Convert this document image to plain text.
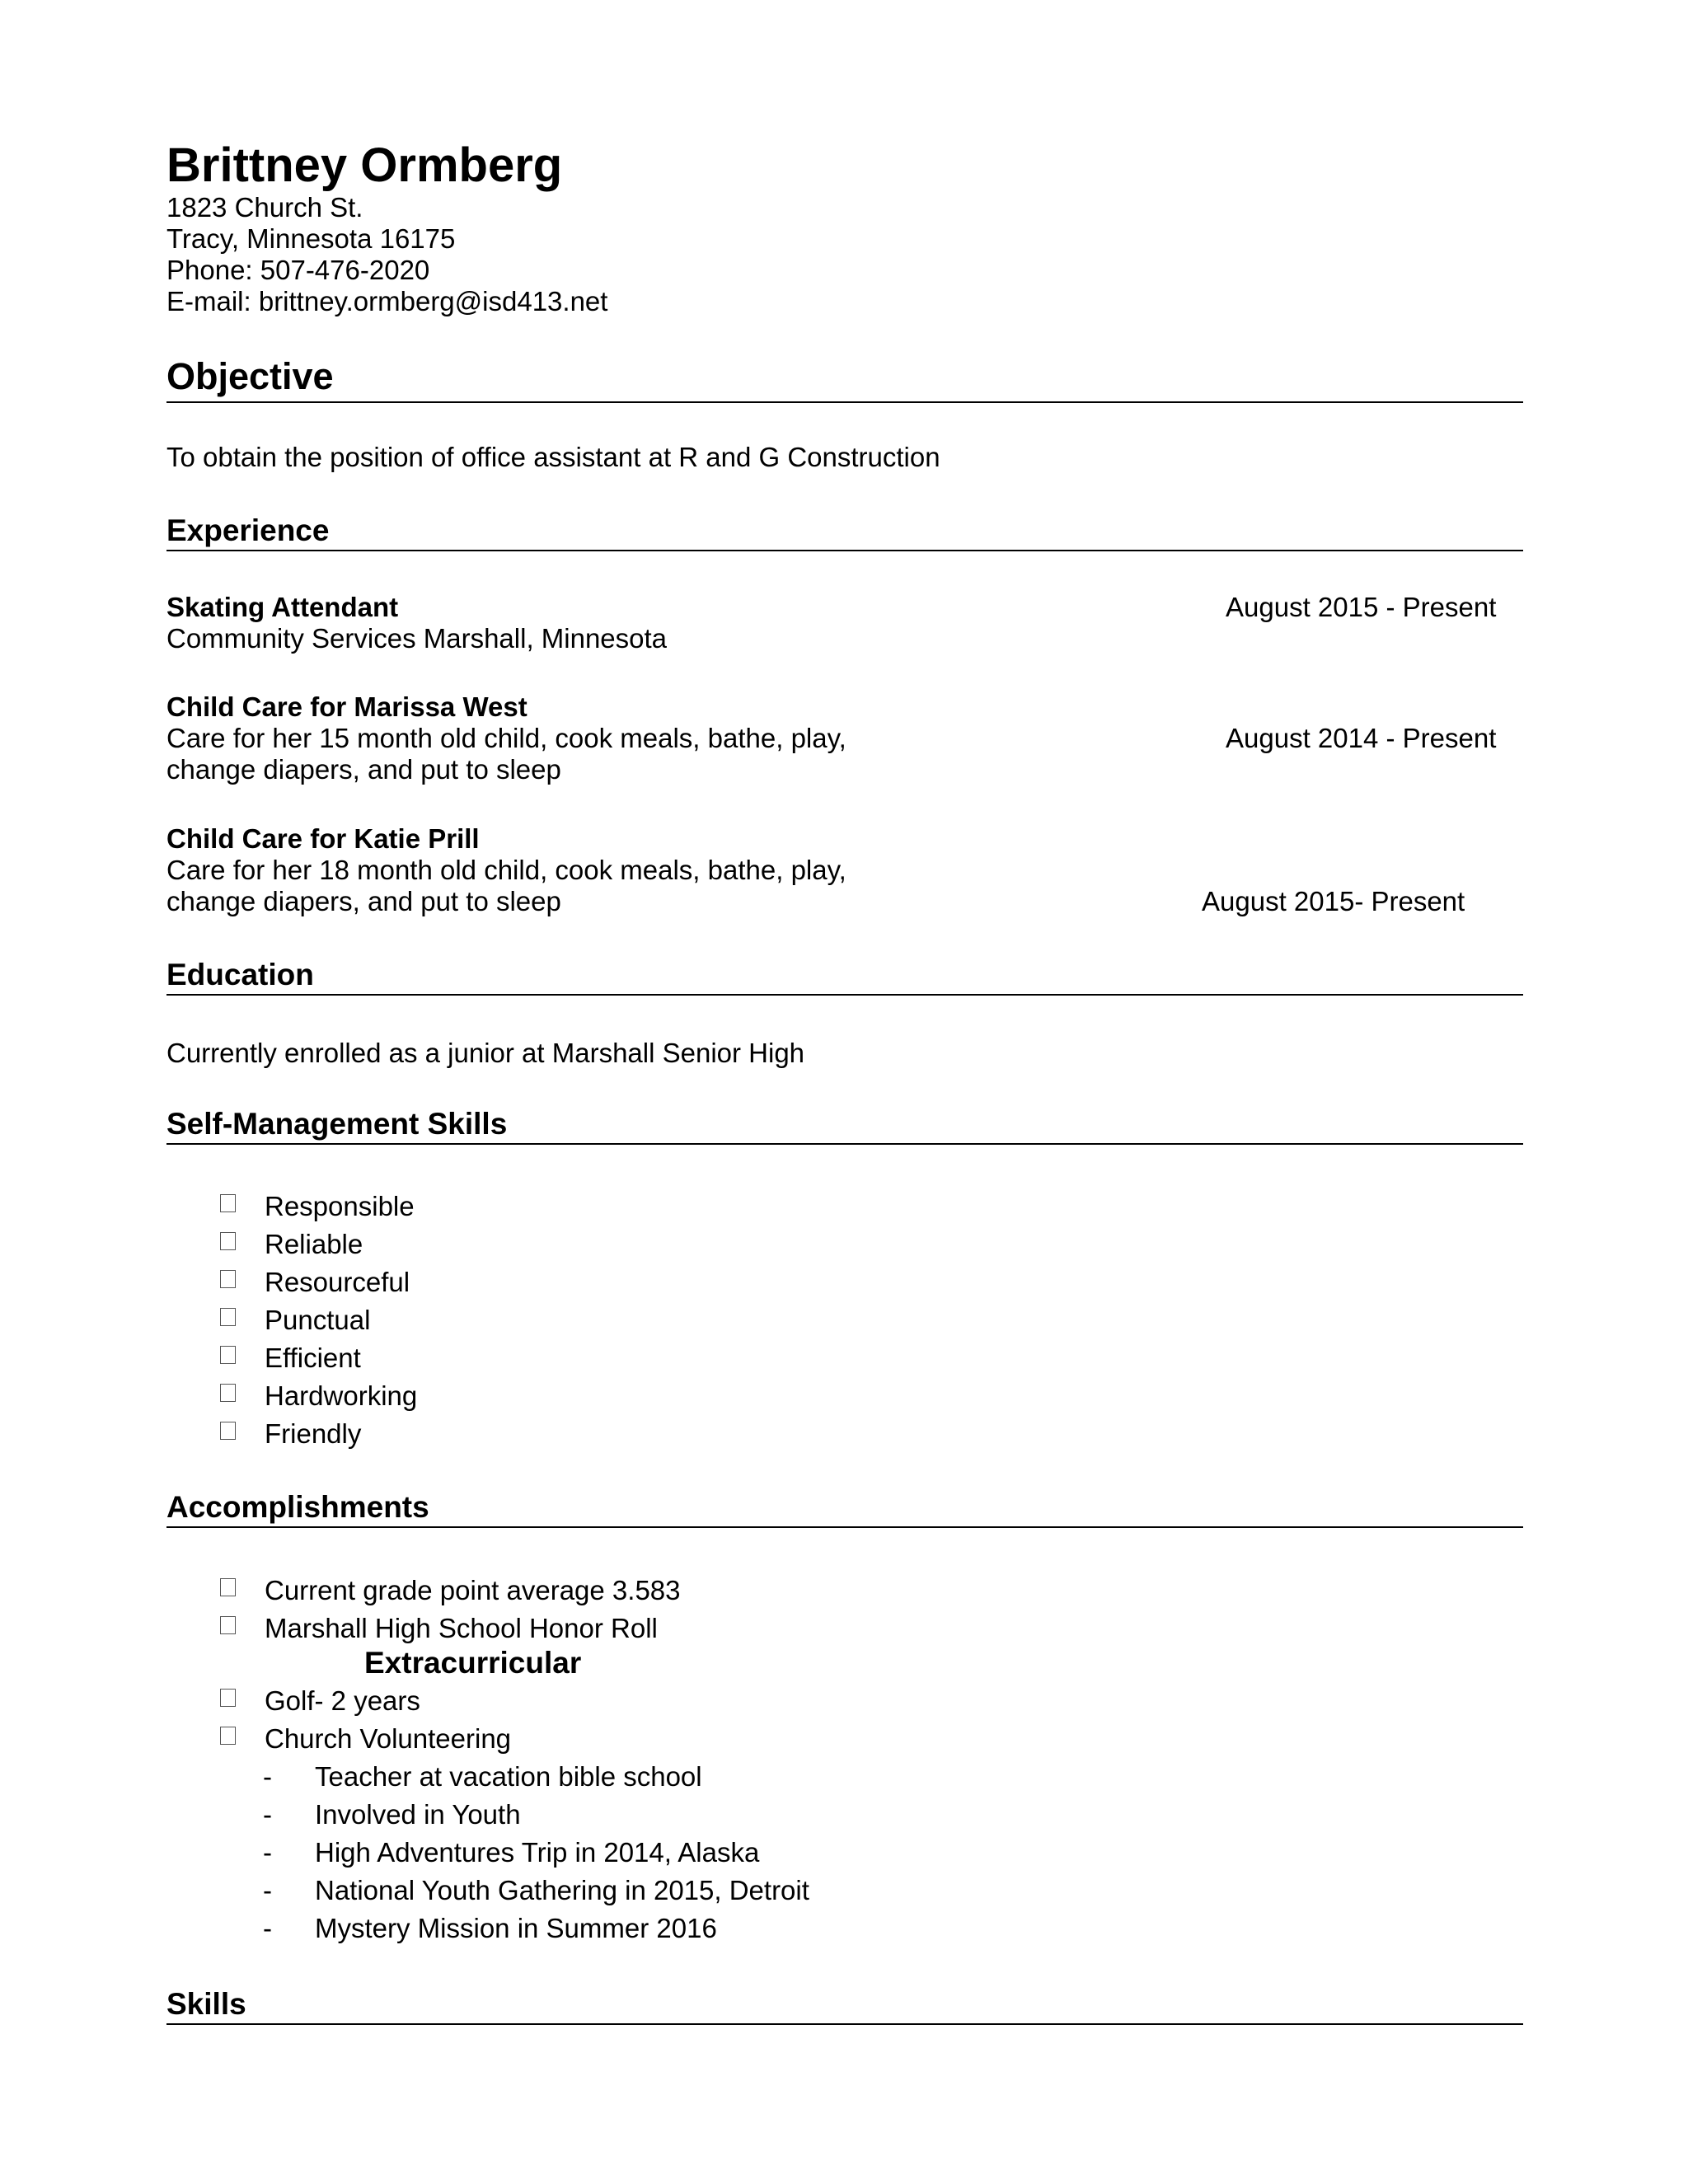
Brittney Ormberg
1823 Church St.
Tracy, Minnesota 16175
Phone: 507-476-2020
E-mail: brittney.ormberg@isd413.net
Objective
To obtain the position of office assistant at R and G Construction
Experience
Skating Attendant
Community Services Marshall, Minnesota
August 2015 - Present
Child Care for Marissa West
Care for her 15 month old child, cook meals, bathe, play,
change diapers, and put to sleep
August 2014 - Present
Child Care for Katie Prill
Care for her 18 month old child, cook meals, bathe, play,
change diapers, and put to sleep	August 2015- Present
Education
Currently enrolled as a junior at Marshall Senior High
Self-Management Skills
Responsible
Reliable
Resourceful
Punctual
Efficient
Hardworking
Friendly
Accomplishments
Current grade point average 3.583
Marshall High School Honor Roll
Extracurricular
Golf- 2 years
Church Volunteering
- Teacher at vacation bible school
- Involved in Youth
- High Adventures Trip in 2014, Alaska
- National Youth Gathering in 2015, Detroit
- Mystery Mission in Summer 2016
Skills
